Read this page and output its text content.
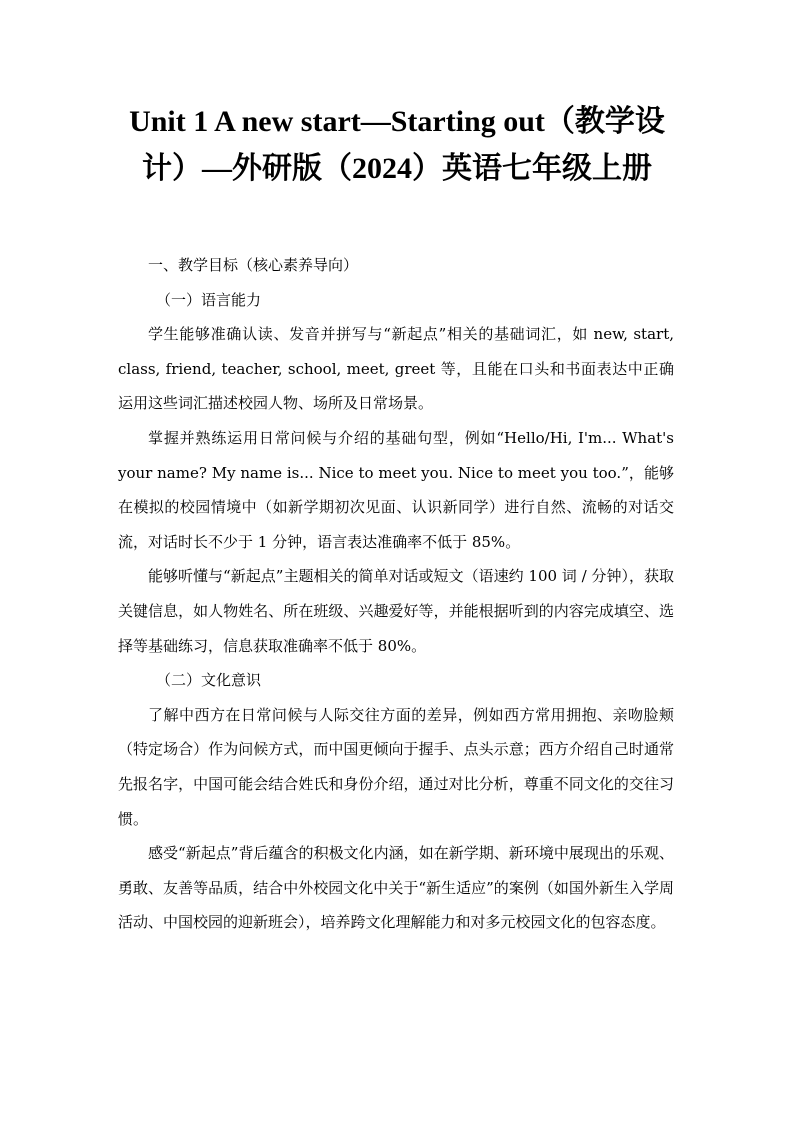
Unit 1 A new start—Starting out（教学设计）—外研版（2024）英语七年级上册

一、教学目标（核心素养导向）

（一）语言能力

学生能够准确认读、发音并拼写与“新起点”相关的基础词汇，如 new, start, class, friend, teacher, school, meet, greet 等，且能在口头和书面表达中正确运用这些词汇描述校园人物、场所及日常场景。

掌握并熟练运用日常问候与介绍的基础句型，例如“Hello/Hi, I'm... What's your name? My name is... Nice to meet you. Nice to meet you too.”，能够在模拟的校园情境中（如新学期初次见面、认识新同学）进行自然、流畅的对话交流，对话时长不少于 1 分钟，语言表达准确率不低于 85%。

能够听懂与“新起点”主题相关的简单对话或短文（语速约 100 词 / 分钟），获取关键信息，如人物姓名、所在班级、兴趣爱好等，并能根据听到的内容完成填空、选择等基础练习，信息获取准确率不低于 80%。

（二）文化意识

了解中西方在日常问候与人际交往方面的差异，例如西方常用拥抱、亲吻脸颊（特定场合）作为问候方式，而中国更倾向于握手、点头示意；西方介绍自己时通常先报名字，中国可能会结合姓氏和身份介绍，通过对比分析，尊重不同文化的交往习惯。

感受“新起点”背后蕴含的积极文化内涵，如在新学期、新环境中展现出的乐观、勇敢、友善等品质，结合中外校园文化中关于“新生适应”的案例（如国外新生入学周活动、中国校园的迎新班会），培养跨文化理解能力和对多元校园文化的包容态度。
